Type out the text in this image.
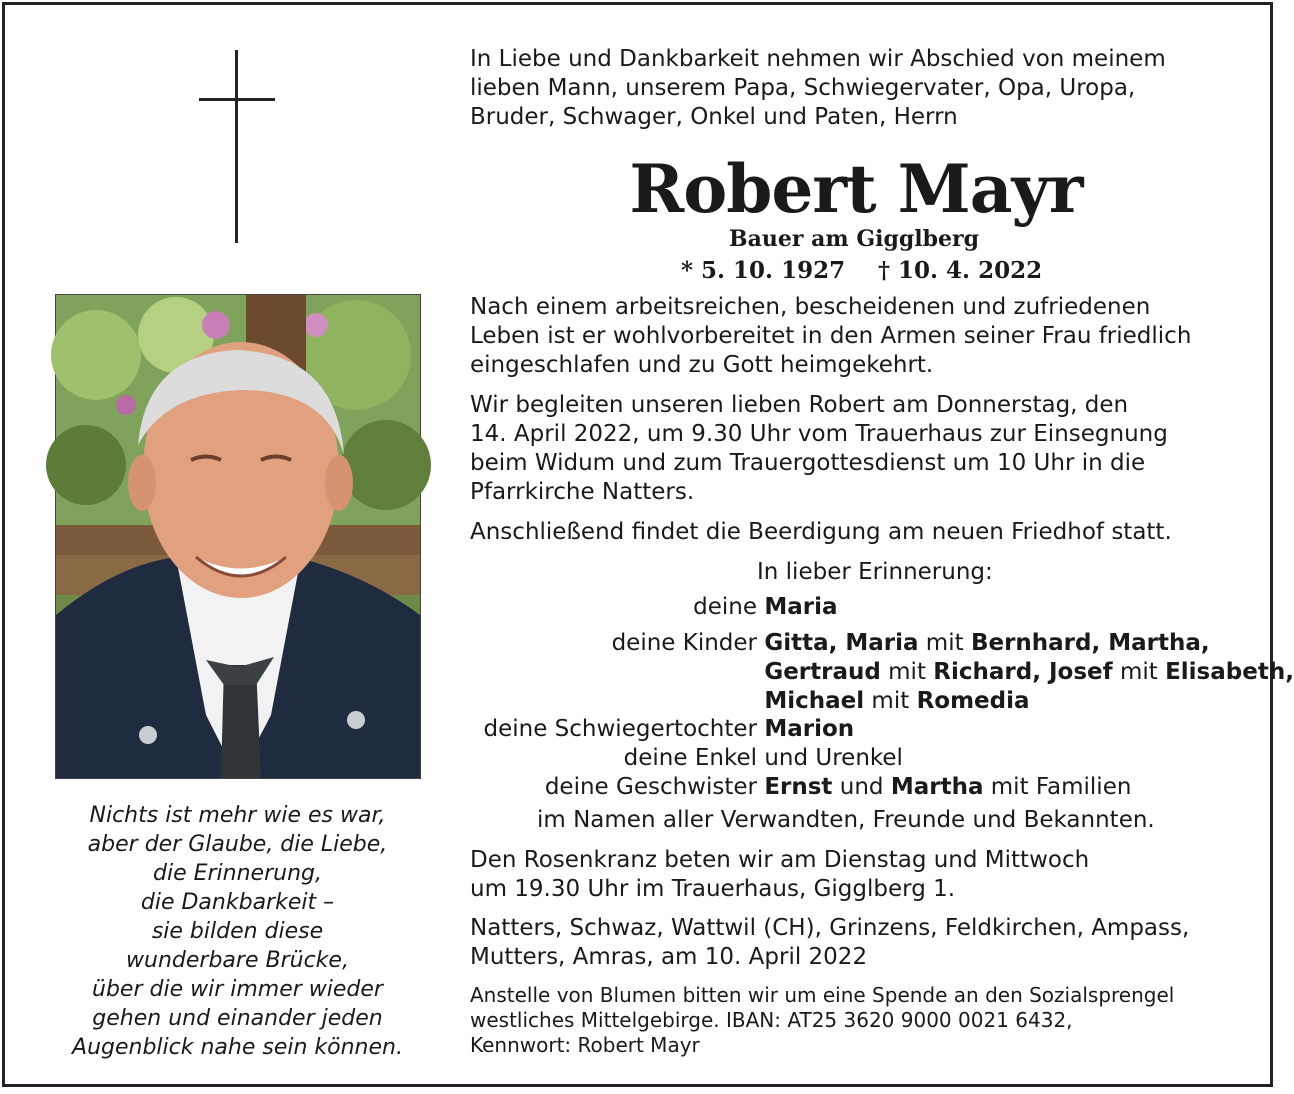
In Liebe und Dankbarkeit nehmen wir Abschied von meinem
lieben Mann, unserem Papa, Schwiegervater, Opa, Uropa,
Bruder, Schwager, Onkel und Paten, Herrn
Robert Mayr
Bauer am Gigglberg
* 5. 10. 1927 † 10. 4. 2022
Nach einem arbeitsreichen, bescheidenen und zufriedenen
Leben ist er wohlvorbereitet in den Armen seiner Frau friedlich
eingeschlafen und zu Gott heimgekehrt.
Wir begleiten unseren lieben Robert am Donnerstag, den
14. April 2022, um 9.30 Uhr vom Trauerhaus zur Einsegnung
beim Widum und zum Trauergottesdienst um 10 Uhr in die
Pfarrkirche Natters.
Anschließend findet die Beerdigung am neuen Friedhof statt.
In lieber Erinnerung:
deine Maria
deine Kinder Gitta, Maria mit Bernhard, Martha,
Gertraud mit Richard, Josef mit Elisabeth,
Michael mit Romedia
deine Schwiegertochter Marion
deine Enkel und Urenkel
deine Geschwister Ernst und Martha mit Familien
im Namen aller Verwandten, Freunde und Bekannten.
Den Rosenkranz beten wir am Dienstag und Mittwoch
um 19.30 Uhr im Trauerhaus, Gigglberg 1.
Natters, Schwaz, Wattwil (CH), Grinzens, Feldkirchen, Ampass,
Mutters, Amras, am 10. April 2022
Anstelle von Blumen bitten wir um eine Spende an den Sozialsprengel
westliches Mittelgebirge. IBAN: AT25 3620 9000 0021 6432,
Kennwort: Robert Mayr
Nichts ist mehr wie es war,
aber der Glaube, die Liebe,
die Erinnerung,
die Dankbarkeit –
sie bilden diese
wunderbare Brücke,
über die wir immer wieder
gehen und einander jeden
Augenblick nahe sein können.
